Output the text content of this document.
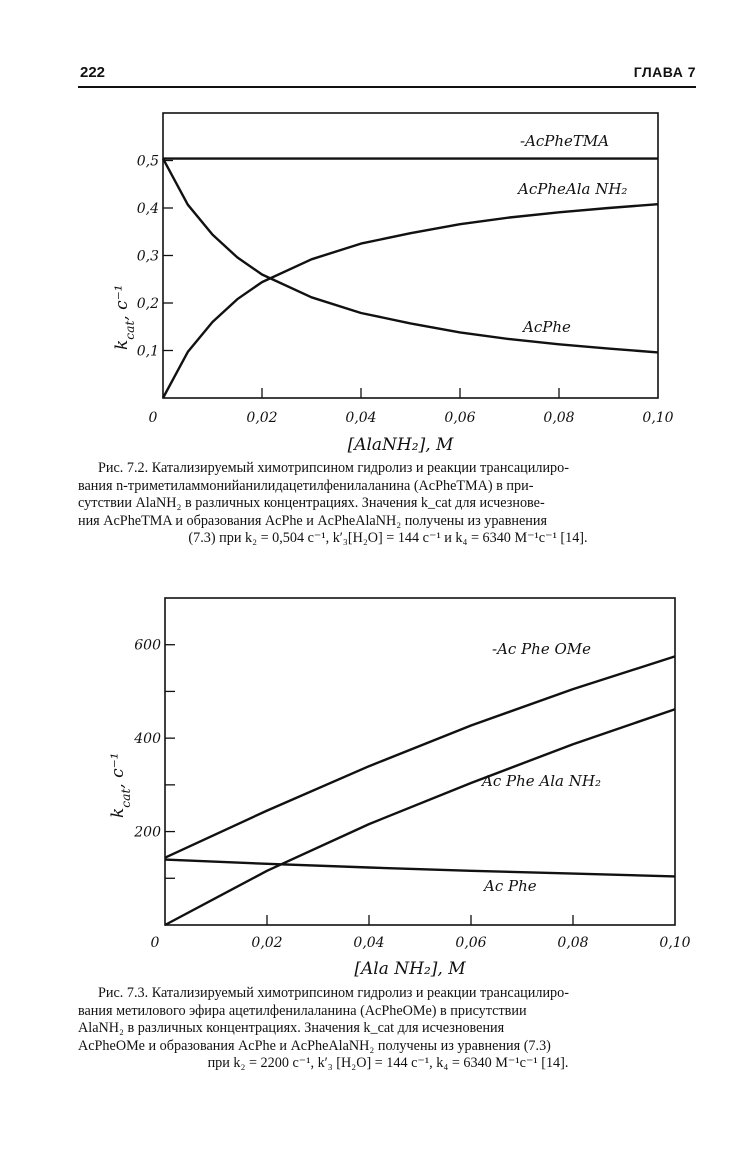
222	ГЛАВА 7
0	0,02	0,04	0,06	0,08	0,10
0,1
0,2
0,3
0,4
0,5
[AlaNH₂], M
$k_{cat}$, с⁻¹
-AcPheTMA
AcPheAla NH₂
AcPhe

Рис. 7.2. Катализируемый химотрипсином гидролиз и реакции трансацилиро-

вания n-триметиламмонийанилидацетилфенилаланина (AcPheTMA) в при-

сутствии AlaNH₂ в различных концентрациях. Значения k_cat для исчезнове-

ния AcPheTMA и образования AcPhe и AcPheAlaNH₂ получены из уравнения

(7.3) при k₂ = 0,504 с⁻¹, k′₃[H₂O] = 144 с⁻¹ и k₄ = 6340 М⁻¹с⁻¹ [14].

0	0,02	0,04	0,06	0,08	0,10
200
400
600
[Ala NH₂], M
$k_{cat}$, с⁻¹
-Ac Phe OMe
Ac Phe Ala NH₂
Ac Phe

Рис. 7.3. Катализируемый химотрипсином гидролиз и реакции трансацилиро-

вания метилового эфира ацетилфенилаланина (AcPheOMe) в присутствии

AlaNH₂ в различных концентрациях. Значения k_cat для исчезновения

AcPheOMe и образования AcPhe и AcPheAlaNH₂ получены из уравнения (7.3)

при k₂ = 2200 с⁻¹, k′₃ [H₂O] = 144 с⁻¹, k₄ = 6340 М⁻¹с⁻¹ [14].
